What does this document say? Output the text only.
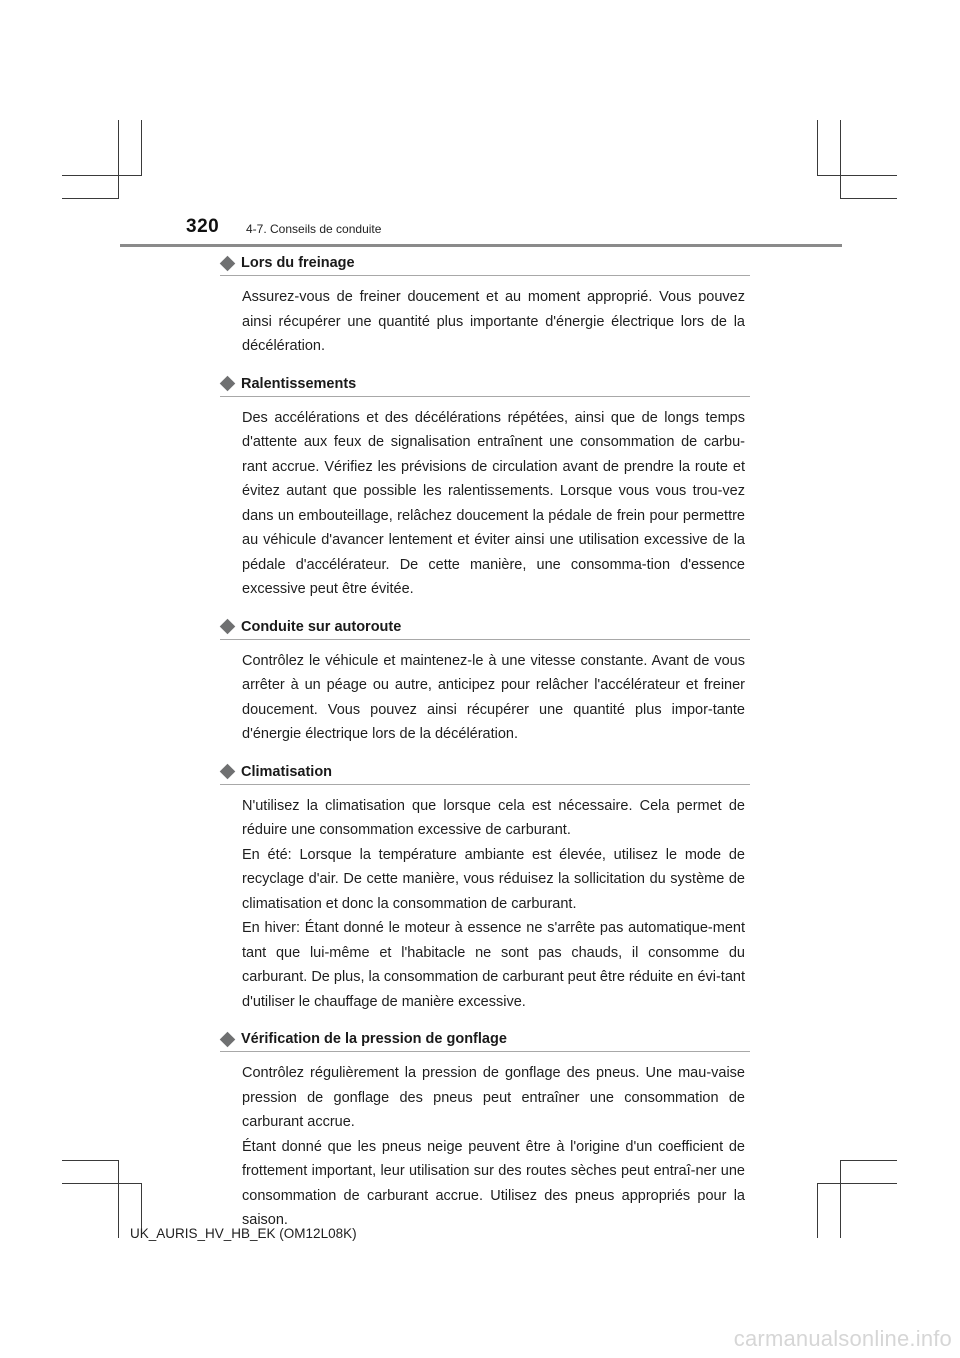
320 4-7. Conseils de conduite
Lors du freinage

Assurez-vous de freiner doucement et au moment approprié. Vous pouvez ainsi récupérer une quantité plus importante d'énergie électrique lors de la décélération.

Ralentissements

Des accélérations et des décélérations répétées, ainsi que de longs temps d'attente aux feux de signalisation entraînent une consommation de carbu-rant accrue. Vérifiez les prévisions de circulation avant de prendre la route et évitez autant que possible les ralentissements. Lorsque vous vous trou-vez dans un embouteillage, relâchez doucement la pédale de frein pour permettre au véhicule d'avancer lentement et éviter ainsi une utilisation excessive de la pédale d'accélérateur. De cette manière, une consomma-tion d'essence excessive peut être évitée.

Conduite sur autoroute

Contrôlez le véhicule et maintenez-le à une vitesse constante. Avant de vous arrêter à un péage ou autre, anticipez pour relâcher l'accélérateur et freiner doucement. Vous pouvez ainsi récupérer une quantité plus impor-tante d'énergie électrique lors de la décélération.

Climatisation

N'utilisez la climatisation que lorsque cela est nécessaire. Cela permet de réduire une consommation excessive de carburant.

En été: Lorsque la température ambiante est élevée, utilisez le mode de recyclage d'air. De cette manière, vous réduisez la sollicitation du système de climatisation et donc la consommation de carburant.

En hiver: Étant donné le moteur à essence ne s'arrête pas automatique-ment tant que lui-même et l'habitacle ne sont pas chauds, il consomme du carburant. De plus, la consommation de carburant peut être réduite en évi-tant d'utiliser le chauffage de manière excessive.

Vérification de la pression de gonflage

Contrôlez régulièrement la pression de gonflage des pneus. Une mau-vaise pression de gonflage des pneus peut entraîner une consommation de carburant accrue.

Étant donné que les pneus neige peuvent être à l'origine d'un coefficient de frottement important, leur utilisation sur des routes sèches peut entraî-ner une consommation de carburant accrue. Utilisez des pneus appropriés pour la saison.

UK_AURIS_HV_HB_EK (OM12L08K)
carmanualsonline.info
